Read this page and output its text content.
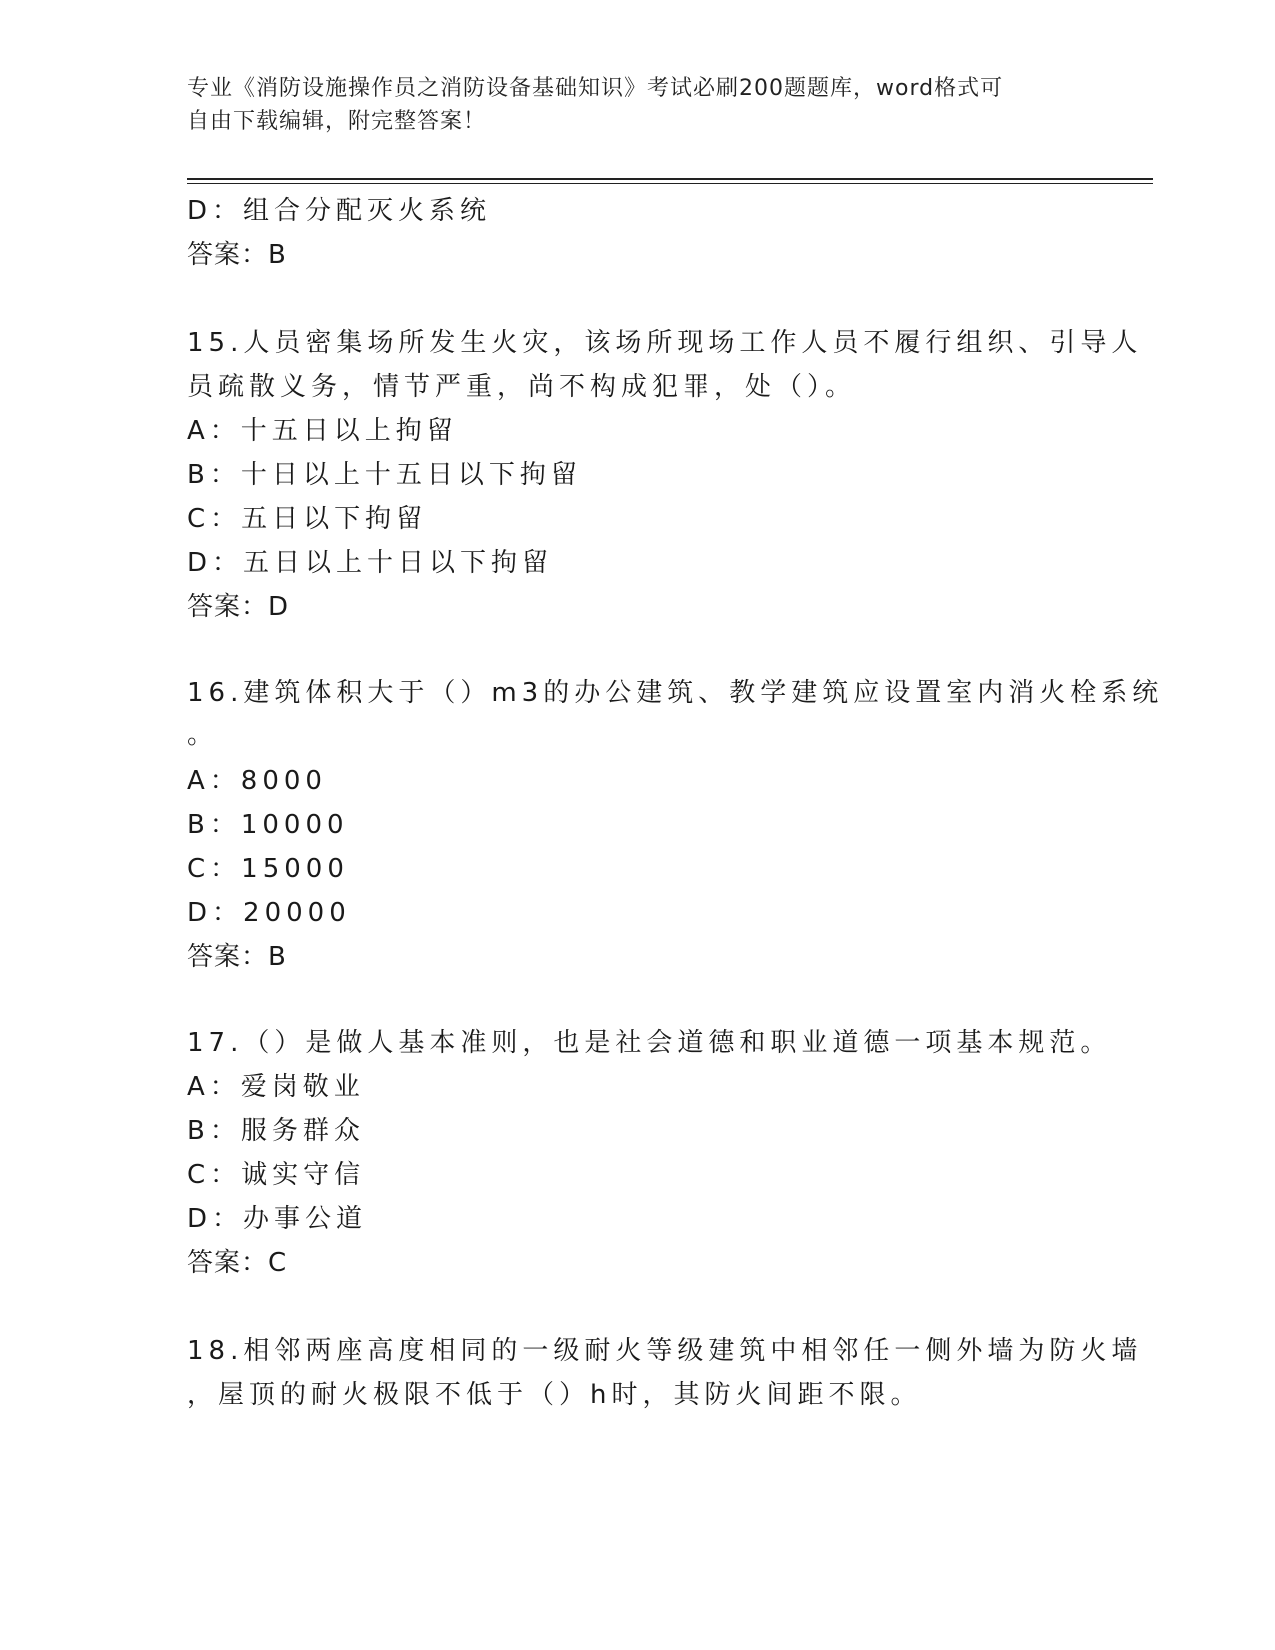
专业《消防设施操作员之消防设备基础知识》考试必刷200题题库，word格式可
自由下载编辑，附完整答案！
D：组合分配灭火系统
答案：B
15.人员密集场所发生火灾，该场所现场工作人员不履行组织、引导人
员疏散义务，情节严重，尚不构成犯罪，处（）。
A：十五日以上拘留
B：十日以上十五日以下拘留
C：五日以下拘留
D：五日以上十日以下拘留
答案：D
16.建筑体积大于（）m3的办公建筑、教学建筑应设置室内消火栓系统
。
A：8000
B：10000
C：15000
D：20000
答案：B
17.（）是做人基本准则，也是社会道德和职业道德一项基本规范。
A：爱岗敬业
B：服务群众
C：诚实守信
D：办事公道
答案：C
18.相邻两座高度相同的一级耐火等级建筑中相邻任一侧外墙为防火墙
，屋顶的耐火极限不低于（）h时，其防火间距不限。
